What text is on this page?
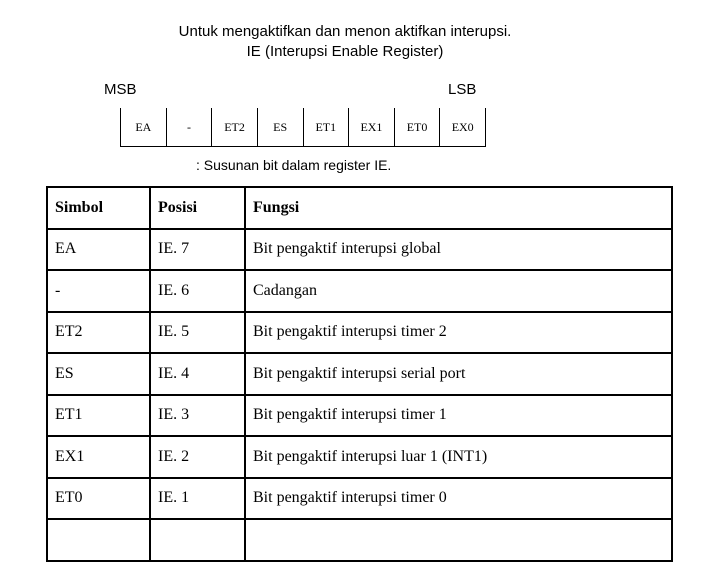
Untuk mengaktifkan dan menon aktifkan interupsi.
IE (Interupsi Enable Register)
MSB	LSB
EA	-	ET2	ES	ET1	EX1	ET0	EX0
: Susunan bit dalam register IE.
Simbol	Posisi	Fungsi
EA	IE. 7	Bit pengaktif interupsi global
-	IE. 6	Cadangan
ET2	IE. 5	Bit pengaktif interupsi timer 2
ES	IE. 4	Bit pengaktif interupsi serial port
ET1	IE. 3	Bit pengaktif interupsi timer 1
EX1	IE. 2	Bit pengaktif interupsi luar 1 (INT1)
ET0	IE. 1	Bit pengaktif interupsi timer 0
